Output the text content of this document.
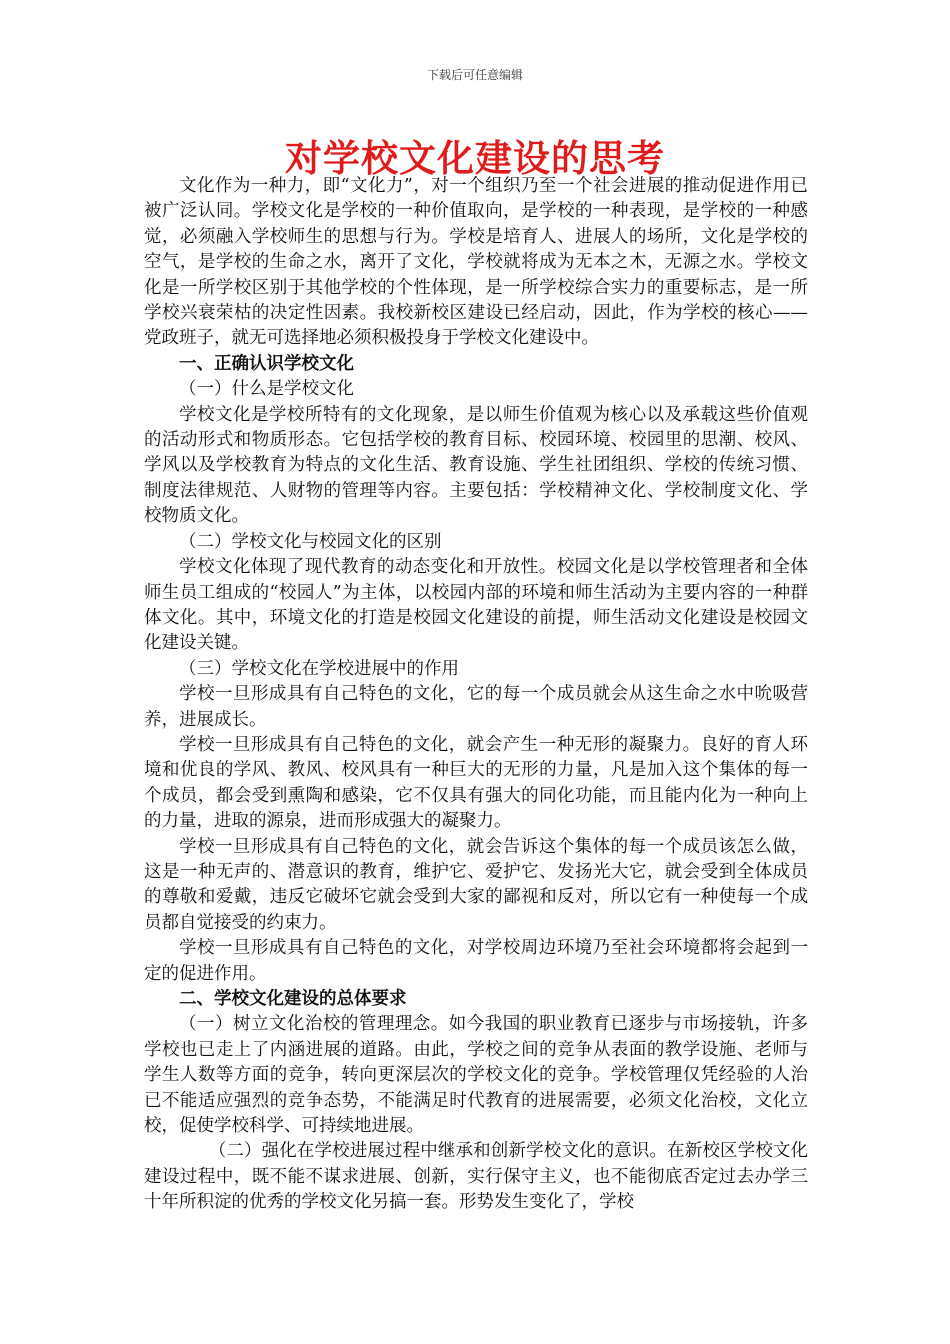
下载后可任意编辑
对学校文化建设的思考

文化作为一种力，即“文化力”，对一个组织乃至一个社会进展的推动促进作用已被广泛认同。学校文化是学校的一种价值取向，是学校的一种表现，是学校的一种感觉，必须融入学校师生的思想与行为。学校是培育人、进展人的场所，文化是学校的空气，是学校的生命之水，离开了文化，学校就将成为无本之木，无源之水。学校文化是一所学校区别于其他学校的个性体现，是一所学校综合实力的重要标志，是一所学校兴衰荣枯的决定性因素。我校新校区建设已经启动，因此，作为学校的核心——党政班子，就无可选择地必须积极投身于学校文化建设中。

一、正确认识学校文化

（一）什么是学校文化

学校文化是学校所特有的文化现象，是以师生价值观为核心以及承载这些价值观的活动形式和物质形态。它包括学校的教育目标、校园环境、校园里的思潮、校风、学风以及学校教育为特点的文化生活、教育设施、学生社团组织、学校的传统习惯、制度法律规范、人财物的管理等内容。主要包括：学校精神文化、学校制度文化、学校物质文化。

（二）学校文化与校园文化的区别

学校文化体现了现代教育的动态变化和开放性。校园文化是以学校管理者和全体师生员工组成的“校园人”为主体，以校园内部的环境和师生活动为主要内容的一种群体文化。其中，环境文化的打造是校园文化建设的前提，师生活动文化建设是校园文化建设关键。

（三）学校文化在学校进展中的作用

学校一旦形成具有自己特色的文化，它的每一个成员就会从这生命之水中吮吸营养，进展成长。

学校一旦形成具有自己特色的文化，就会产生一种无形的凝聚力。良好的育人环境和优良的学风、教风、校风具有一种巨大的无形的力量，凡是加入这个集体的每一个成员，都会受到熏陶和感染，它不仅具有强大的同化功能，而且能内化为一种向上的力量，进取的源泉，进而形成强大的凝聚力。

学校一旦形成具有自己特色的文化，就会告诉这个集体的每一个成员该怎么做，这是一种无声的、潜意识的教育，维护它、爱护它、发扬光大它，就会受到全体成员的尊敬和爱戴，违反它破坏它就会受到大家的鄙视和反对，所以它有一种使每一个成员都自觉接受的约束力。

学校一旦形成具有自己特色的文化，对学校周边环境乃至社会环境都将会起到一定的促进作用。

二、学校文化建设的总体要求

（一）树立文化治校的管理理念。如今我国的职业教育已逐步与市场接轨，许多学校也已走上了内涵进展的道路。由此，学校之间的竞争从表面的教学设施、老师与学生人数等方面的竞争，转向更深层次的学校文化的竞争。学校管理仅凭经验的人治已不能适应强烈的竞争态势，不能满足时代教育的进展需要，必须文化治校，文化立校，促使学校科学、可持续地进展。

（二）强化在学校进展过程中继承和创新学校文化的意识。在新校区学校文化建设过程中，既不能不谋求进展、创新，实行保守主义，也不能彻底否定过去办学三十年所积淀的优秀的学校文化另搞一套。形势发生变化了，学校
